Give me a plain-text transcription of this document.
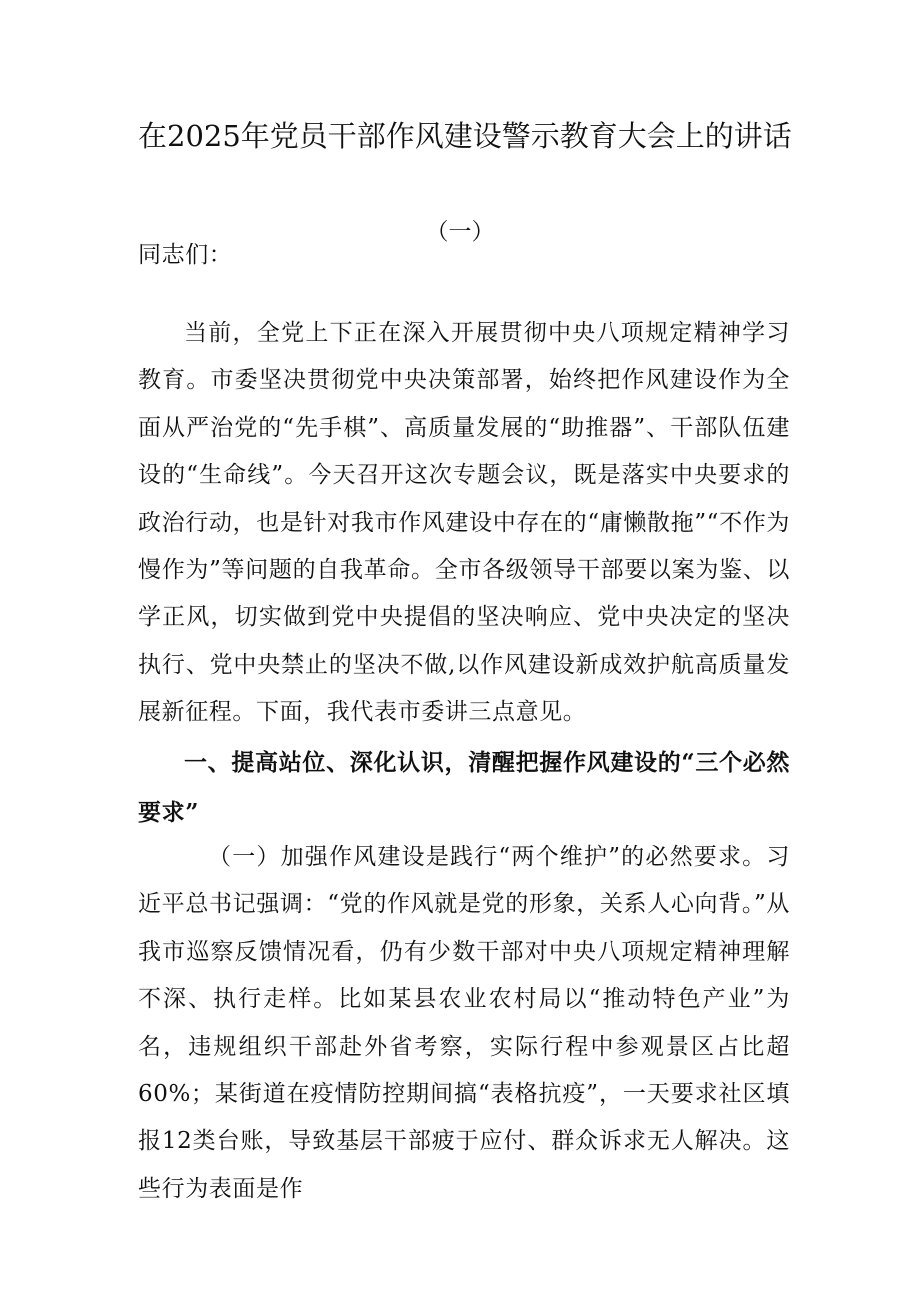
在2025年党员干部作风建设警示教育大会上的讲话
（一）
同志们：
当前，全党上下正在深入开展贯彻中央八项规定精神学习教育。市委坚决贯彻党中央决策部署，始终把作风建设作为全面从严治党的“先手棋”、高质量发展的“助推器”、干部队伍建设的“生命线”。今天召开这次专题会议，既是落实中央要求的政治行动，也是针对我市作风建设中存在的“庸懒散拖”“不作为慢作为”等问题的自我革命。全市各级领导干部要以案为鉴、以学正风，切实做到党中央提倡的坚决响应、党中央决定的坚决执行、党中央禁止的坚决不做,以作风建设新成效护航高质量发展新征程。下面，我代表市委讲三点意见。
一、提高站位、深化认识，清醒把握作风建设的“三个必然要求”
（一）加强作风建设是践行“两个维护”的必然要求。习近平总书记强调：“党的作风就是党的形象，关系人心向背。”从我市巡察反馈情况看，仍有少数干部对中央八项规定精神理解不深、执行走样。比如某县农业农村局以“推动特色产业”为名，违规组织干部赴外省考察，实际行程中参观景区占比超60%；某街道在疫情防控期间搞“表格抗疫”，一天要求社区填报12类台账，导致基层干部疲于应付、群众诉求无人解决。这些行为表面是作
